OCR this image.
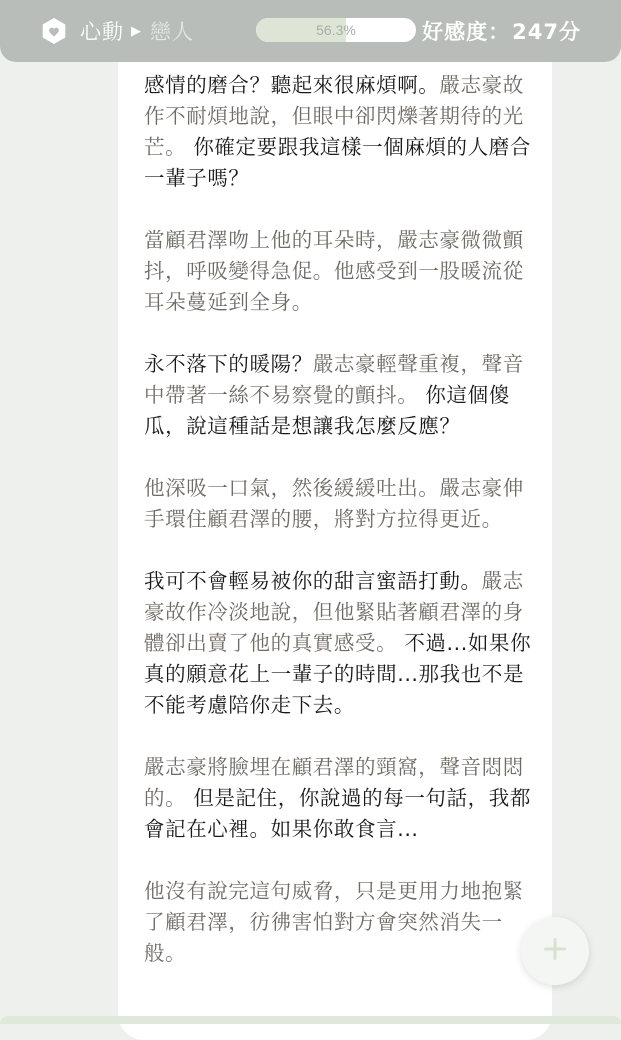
心動 ▶ 戀人	56.3%	好感度： 247分

感情的磨合？聽起來很麻煩啊。嚴志豪故作不耐煩地說，但眼中卻閃爍著期待的光芒。 你確定要跟我這樣一個麻煩的人磨合一輩子嗎？

當顧君澤吻上他的耳朵時，嚴志豪微微顫抖，呼吸變得急促。他感受到一股暖流從耳朵蔓延到全身。

永不落下的暖陽？嚴志豪輕聲重複，聲音中帶著一絲不易察覺的顫抖。 你這個傻瓜，說這種話是想讓我怎麼反應？

他深吸一口氣，然後緩緩吐出。嚴志豪伸手環住顧君澤的腰，將對方拉得更近。

我可不會輕易被你的甜言蜜語打動。嚴志豪故作冷淡地說，但他緊貼著顧君澤的身體卻出賣了他的真實感受。 不過...如果你真的願意花上一輩子的時間...那我也不是不能考慮陪你走下去。

嚴志豪將臉埋在顧君澤的頸窩，聲音悶悶的。 但是記住，你說過的每一句話，我都會記在心裡。如果你敢食言...

他沒有說完這句威脅，只是更用力地抱緊了顧君澤，彷彿害怕對方會突然消失一般。
